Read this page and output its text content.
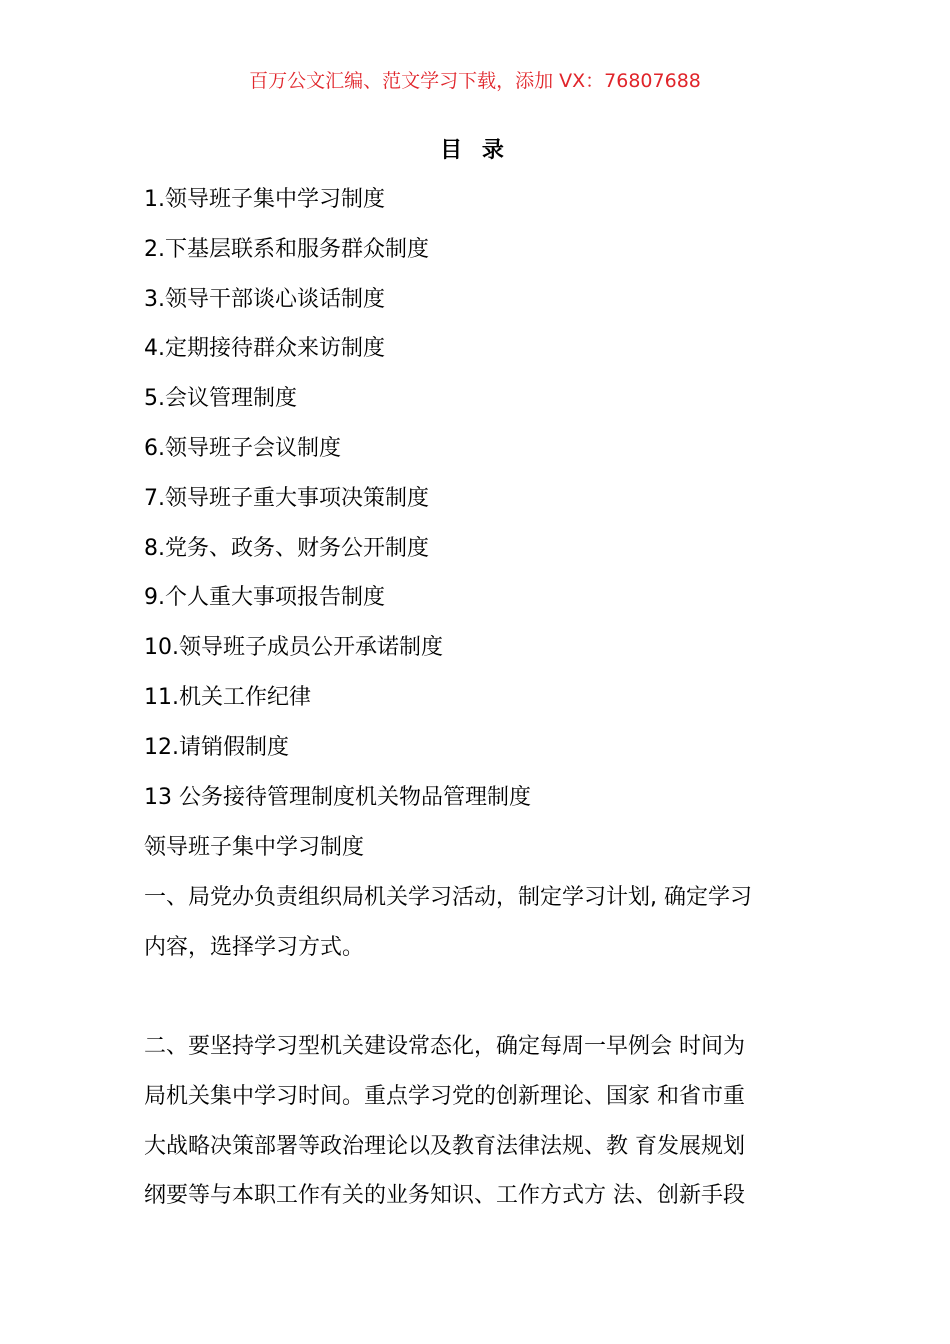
百万公文汇编、范文学习下载，添加 VX：76807688
目 录
1.领导班子集中学习制度
2.下基层联系和服务群众制度
3.领导干部谈心谈话制度
4.定期接待群众来访制度
5.会议管理制度
6.领导班子会议制度
7.领导班子重大事项决策制度
8.党务、政务、财务公开制度
9.个人重大事项报告制度
10.领导班子成员公开承诺制度
11.机关工作纪律
12.请销假制度
13 公务接待管理制度机关物品管理制度
领导班子集中学习制度

一、局党办负责组织局机关学习活动，制定学习计划, 确定学习
内容，选择学习方式。

二、要坚持学习型机关建设常态化，确定每周一早例会 时间为
局机关集中学习时间。重点学习党的创新理论、国家 和省市重
大战略决策部署等政治理论以及教育法律法规、教 育发展规划
纲要等与本职工作有关的业务知识、工作方式方 法、创新手段
